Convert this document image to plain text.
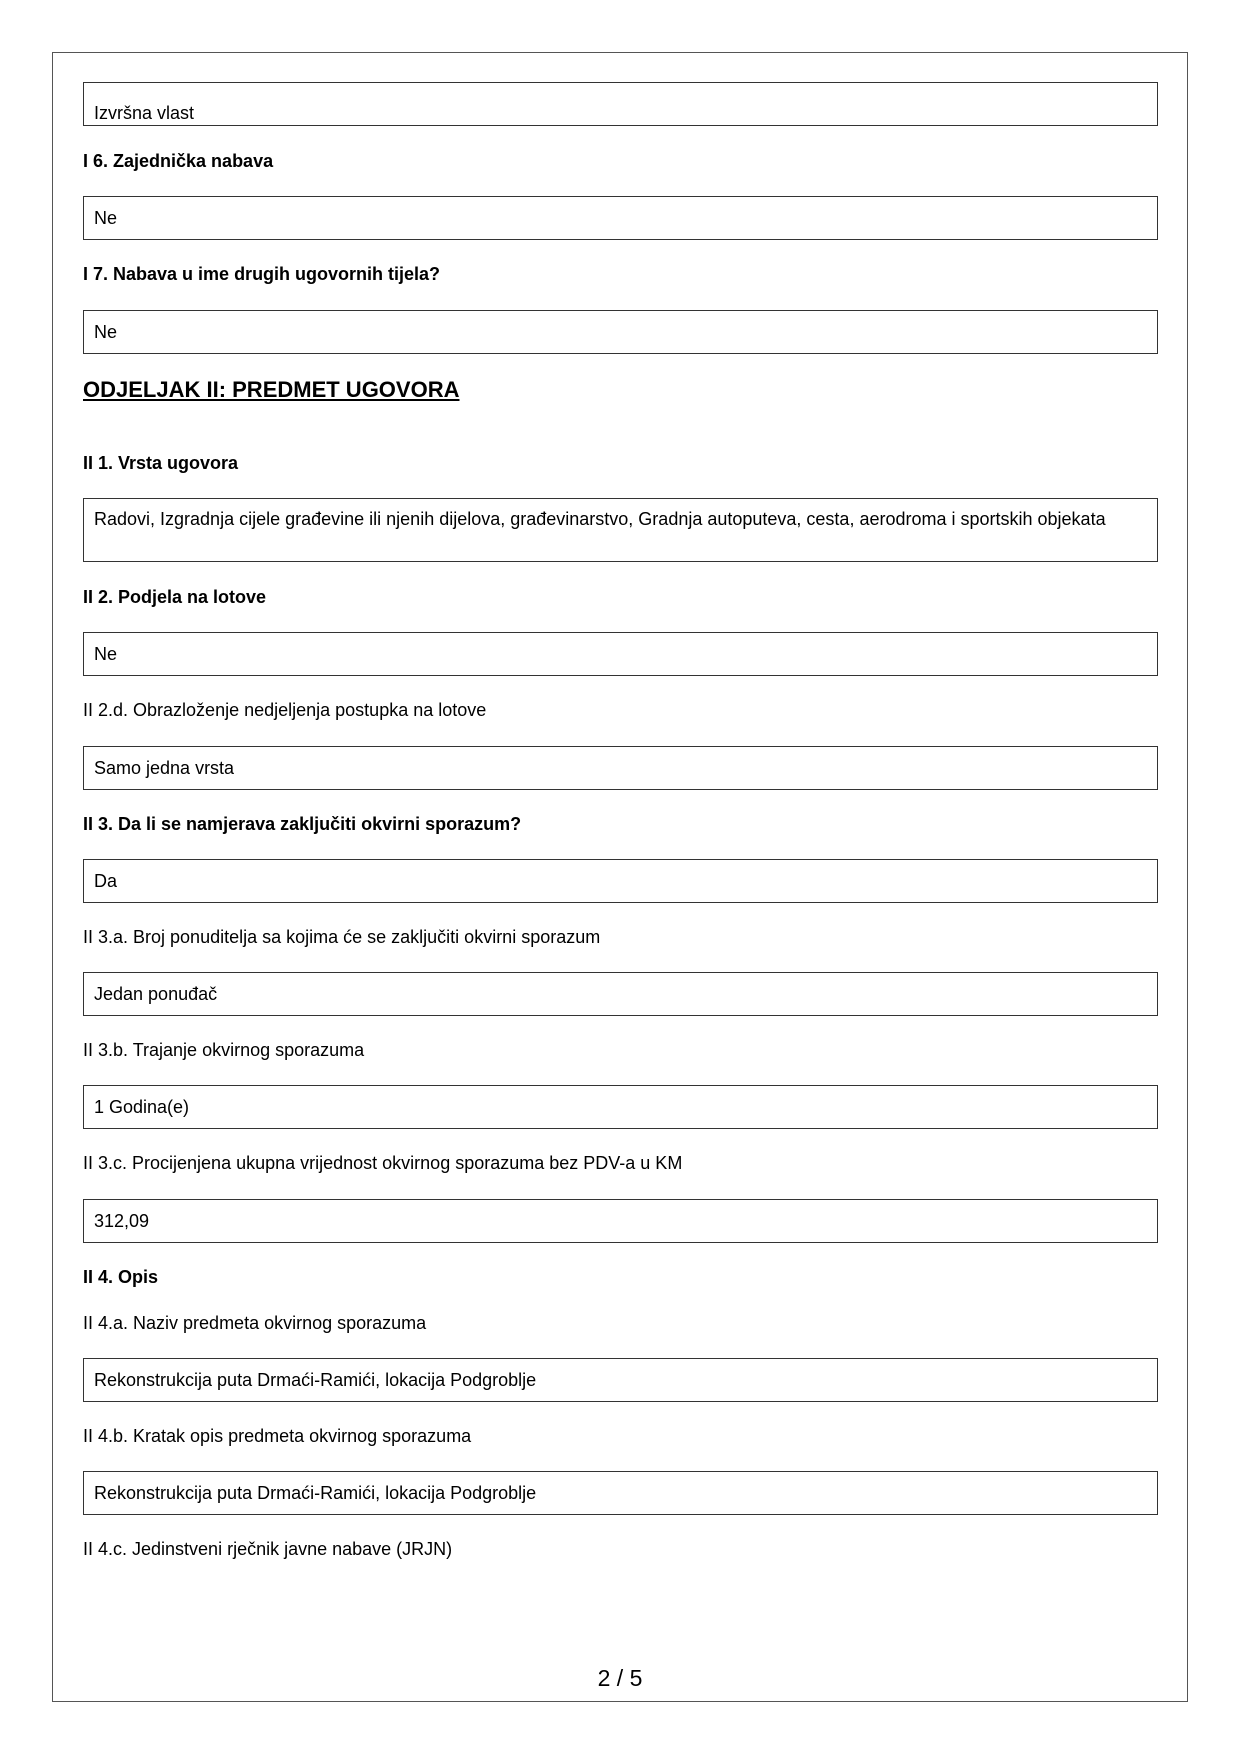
Izvršna vlast
I 6. Zajednička nabava
Ne
I 7. Nabava u ime drugih ugovornih tijela?
Ne
ODJELJAK II: PREDMET UGOVORA
II 1. Vrsta ugovora
Radovi, Izgradnja cijele građevine ili njenih dijelova, građevinarstvo, Gradnja autoputeva, cesta, aerodroma i sportskih objekata
II 2. Podjela na lotove
Ne
II 2.d. Obrazloženje nedjeljenja postupka na lotove
Samo jedna vrsta
II 3. Da li se namjerava zaključiti okvirni sporazum?
Da
II 3.a. Broj ponuditelja sa kojima će se zaključiti okvirni sporazum
Jedan ponuđač
II 3.b. Trajanje okvirnog sporazuma
1 Godina(e)
II 3.c. Procijenjena ukupna vrijednost okvirnog sporazuma bez PDV-a u KM
312,09
II 4. Opis
II 4.a. Naziv predmeta okvirnog sporazuma
Rekonstrukcija puta Drmaći-Ramići, lokacija Podgroblje
II 4.b. Kratak opis predmeta okvirnog sporazuma
Rekonstrukcija puta Drmaći-Ramići, lokacija Podgroblje
II 4.c. Jedinstveni rječnik javne nabave (JRJN)
2 / 5
